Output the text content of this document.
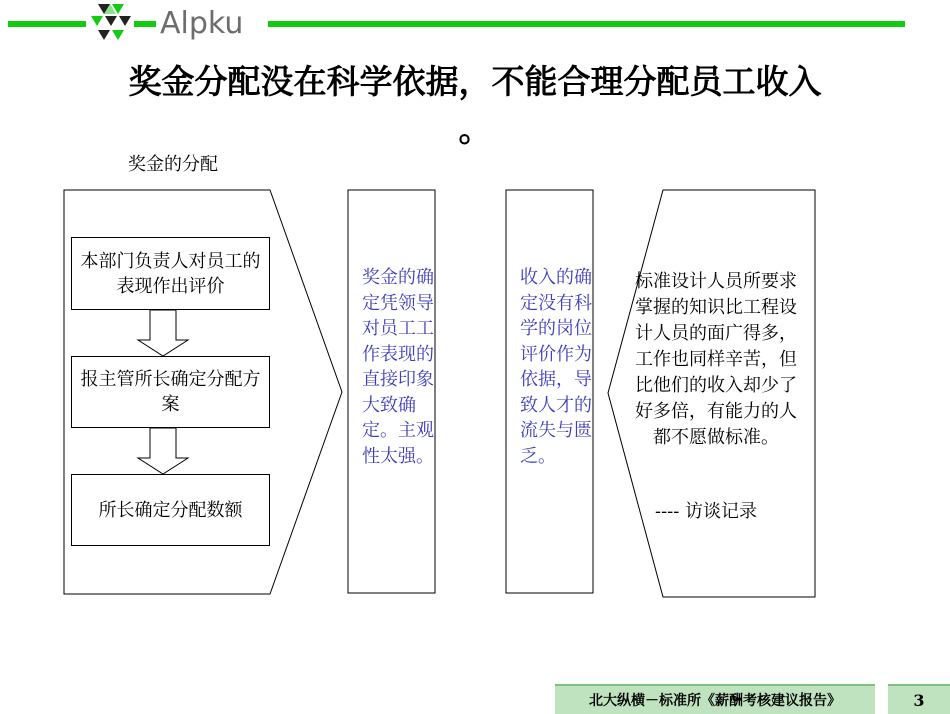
Alpku
奖金分配没在科学依据，不能合理分配员工收入
。
奖金的分配
本部门负责人对员工的表现作出评价
报主管所长确定分配方案
所长确定分配数额
奖金的确定凭领导对员工工作表现的直接印象大致确定。主观性太强。
收入的确定没有科学的岗位评价作为依据，导致人才的流失与匮乏。
标准设计人员所要求掌握的知识比工程设计人员的面广得多，工作也同样辛苦，但比他们的收入却少了好多倍，有能力的人都不愿做标准。
---- 访谈记录
北大纵横－标准所《薪酬考核建议报告》	3
